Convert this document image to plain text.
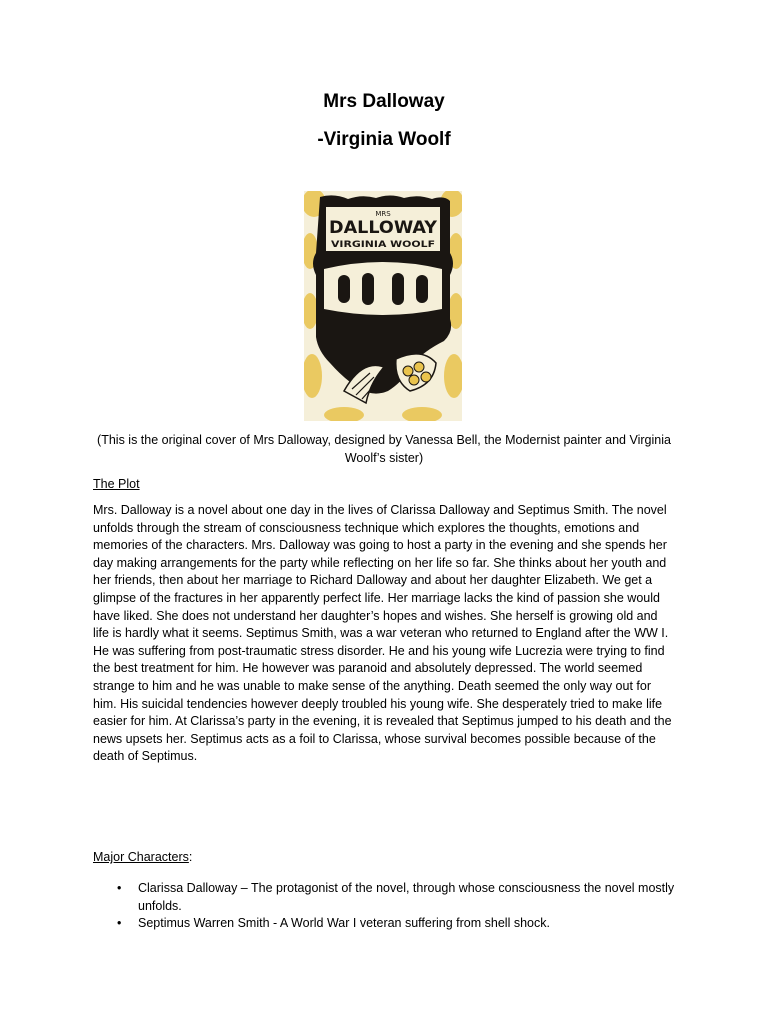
Mrs Dalloway
-Virginia Woolf
MRS
DALLOWAY
VIRGINIA WOOLF
(This is the original cover of Mrs Dalloway, designed by Vanessa Bell, the Modernist painter and Virginia Woolf’s sister)
The Plot

Mrs. Dalloway is a novel about one day in the lives of Clarissa Dalloway and Septimus Smith. The novel unfolds through the stream of consciousness technique which explores the thoughts, emotions and memories of the characters. Mrs. Dalloway was going to host a party in the evening and she spends her day making arrangements for the party while reflecting on her life so far. She thinks about her youth and her friends, then about her marriage to Richard Dalloway and about her daughter Elizabeth. We get a glimpse of the fractures in her apparently perfect life. Her marriage lacks the kind of passion she would have liked. She does not understand her daughter’s hopes and wishes. She herself is growing old and life is hardly what it seems. Septimus Smith, was a war veteran who returned to England after the WW I. He was suffering from post-traumatic stress disorder. He and his young wife Lucrezia were trying to find the best treatment for him. He however was paranoid and absolutely depressed. The world seemed strange to him and he was unable to make sense of the anything. Death seemed the only way out for him. His suicidal tendencies however deeply troubled his young wife. She desperately tried to make life easier for him. At Clarissa’s party in the evening, it is revealed that Septimus jumped to his death and the news upsets her. Septimus acts as a foil to Clarissa, whose survival becomes possible because of the death of Septimus.

Major Characters:
• Clarissa Dalloway – The protagonist of the novel, through whose consciousness the novel mostly unfolds.
• Septimus Warren Smith - A World War I veteran suffering from shell shock.
